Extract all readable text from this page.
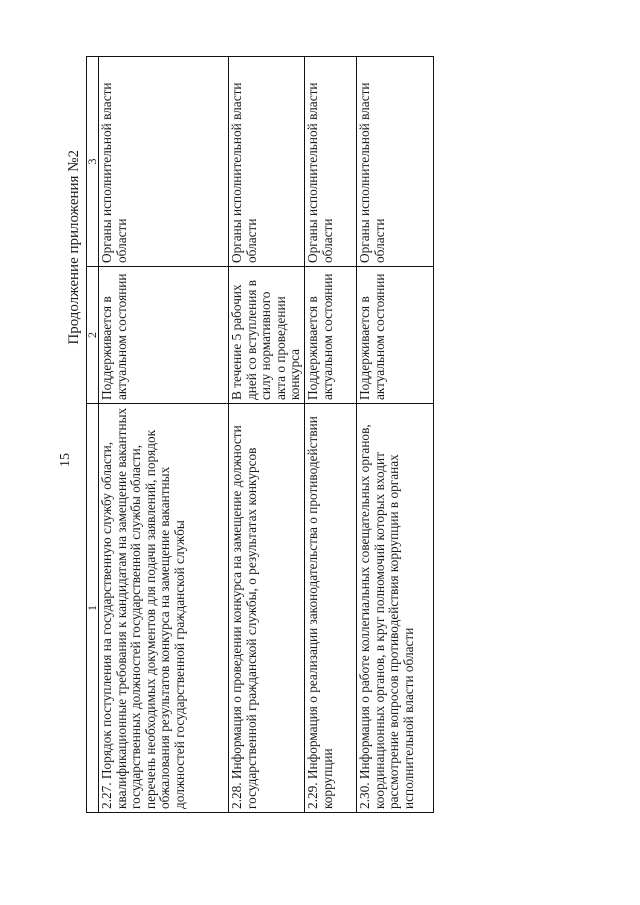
15
Продолжение приложения №2
1	2	3
2.27. Порядок поступления на государственную службу области, квалификационные требования к кандидатам на замещение вакантных государственных должностей государственной службы области, перечень необходимых документов для подачи заявлений, порядок обжалования результатов конкурса на замещение вакантных должностей государственной гражданской службы	Поддерживается в актуальном состоянии	Органы исполнительной власти области
2.28. Информация о проведении конкурса на замещение должности государственной гражданской службы, о результатах конкурсов	В течение 5 рабочих дней со вступления в силу нормативного акта о проведении конкурса	Органы исполнительной власти области
2.29. Информация о реализации законодательства о противодействии коррупции	Поддерживается в актуальном состоянии	Органы исполнительной власти области
2.30. Информация о работе коллегиальных совещательных органов, координационных органов, в круг полномочий которых входит рассмотрение вопросов противодействия коррупции в органах исполнительной власти области	Поддерживается в актуальном состоянии	Органы исполнительной власти области
